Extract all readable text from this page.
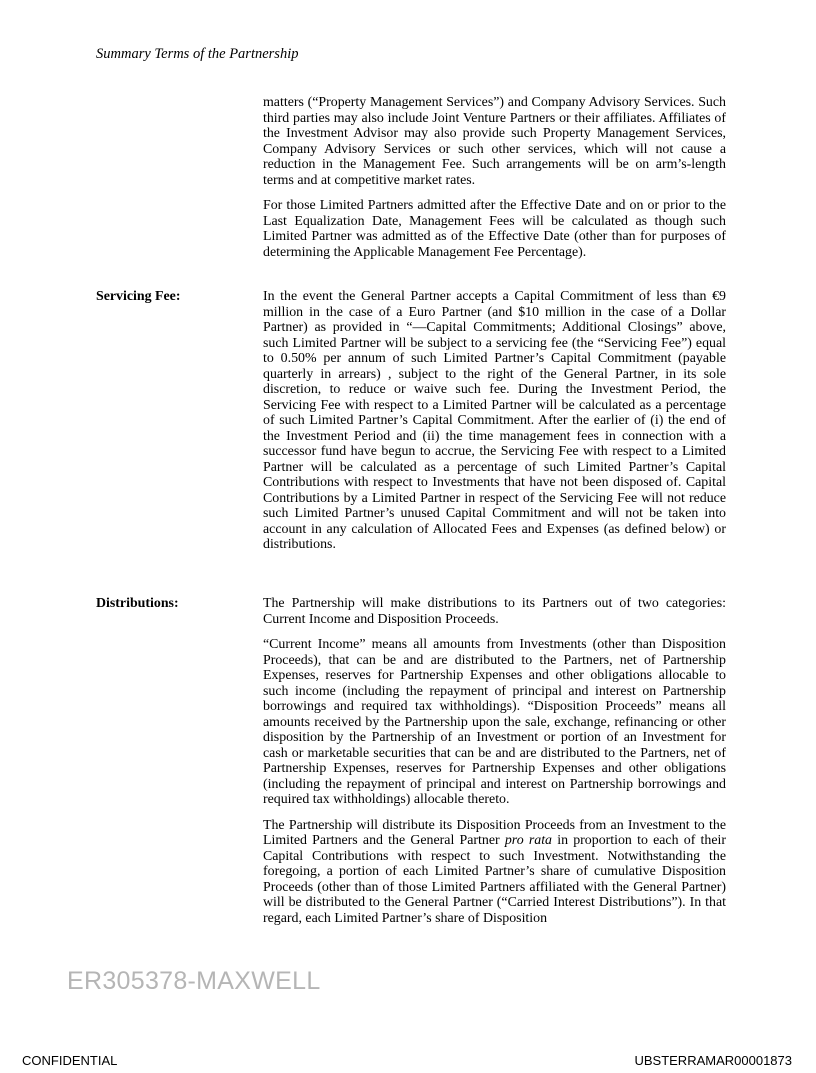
Summary Terms of the Partnership

matters (“Property Management Services”) and Company Advisory Services. Such third parties may also include Joint Venture Partners or their affiliates. Affiliates of the Investment Advisor may also provide such Property Management Services, Company Advisory Services or such other services, which will not cause a reduction in the Management Fee. Such arrangements will be on arm’s-length terms and at competitive market rates.

For those Limited Partners admitted after the Effective Date and on or prior to the Last Equalization Date, Management Fees will be calculated as though such Limited Partner was admitted as of the Effective Date (other than for purposes of determining the Applicable Management Fee Percentage).

Servicing Fee:	In the event the General Partner accepts a Capital Commitment of less than €9 million in the case of a Euro Partner (and $10 million in the case of a Dollar Partner) as provided in “—Capital Commitments; Additional Closings” above, such Limited Partner will be subject to a servicing fee (the “Servicing Fee”) equal to 0.50% per annum of such Limited Partner’s Capital Commitment (payable quarterly in arrears) , subject to the right of the General Partner, in its sole discretion, to reduce or waive such fee. During the Investment Period, the Servicing Fee with respect to a Limited Partner will be calculated as a percentage of such Limited Partner’s Capital Commitment. After the earlier of (i) the end of the Investment Period and (ii) the time management fees in connection with a successor fund have begun to accrue, the Servicing Fee with respect to a Limited Partner will be calculated as a percentage of such Limited Partner’s Capital Contributions with respect to Investments that have not been disposed of. Capital Contributions by a Limited Partner in respect of the Servicing Fee will not reduce such Limited Partner’s unused Capital Commitment and will not be taken into account in any calculation of Allocated Fees and Expenses (as defined below) or distributions.

Distributions:	The Partnership will make distributions to its Partners out of two categories: Current Income and Disposition Proceeds.

“Current Income” means all amounts from Investments (other than Disposition Proceeds), that can be and are distributed to the Partners, net of Partnership Expenses, reserves for Partnership Expenses and other obligations allocable to such income (including the repayment of principal and interest on Partnership borrowings and required tax withholdings). “Disposition Proceeds” means all amounts received by the Partnership upon the sale, exchange, refinancing or other disposition by the Partnership of an Investment or portion of an Investment for cash or marketable securities that can be and are distributed to the Partners, net of Partnership Expenses, reserves for Partnership Expenses and other obligations (including the repayment of principal and interest on Partnership borrowings and required tax withholdings) allocable thereto.

The Partnership will distribute its Disposition Proceeds from an Investment to the Limited Partners and the General Partner pro rata in proportion to each of their Capital Contributions with respect to such Investment. Notwithstanding the foregoing, a portion of each Limited Partner’s share of cumulative Disposition Proceeds (other than of those Limited Partners affiliated with the General Partner) will be distributed to the General Partner (“Carried Interest Distributions”). In that regard, each Limited Partner’s share of Disposition

ER305378-MAXWELL
CONFIDENTIAL	UBSTERRAMAR00001873
